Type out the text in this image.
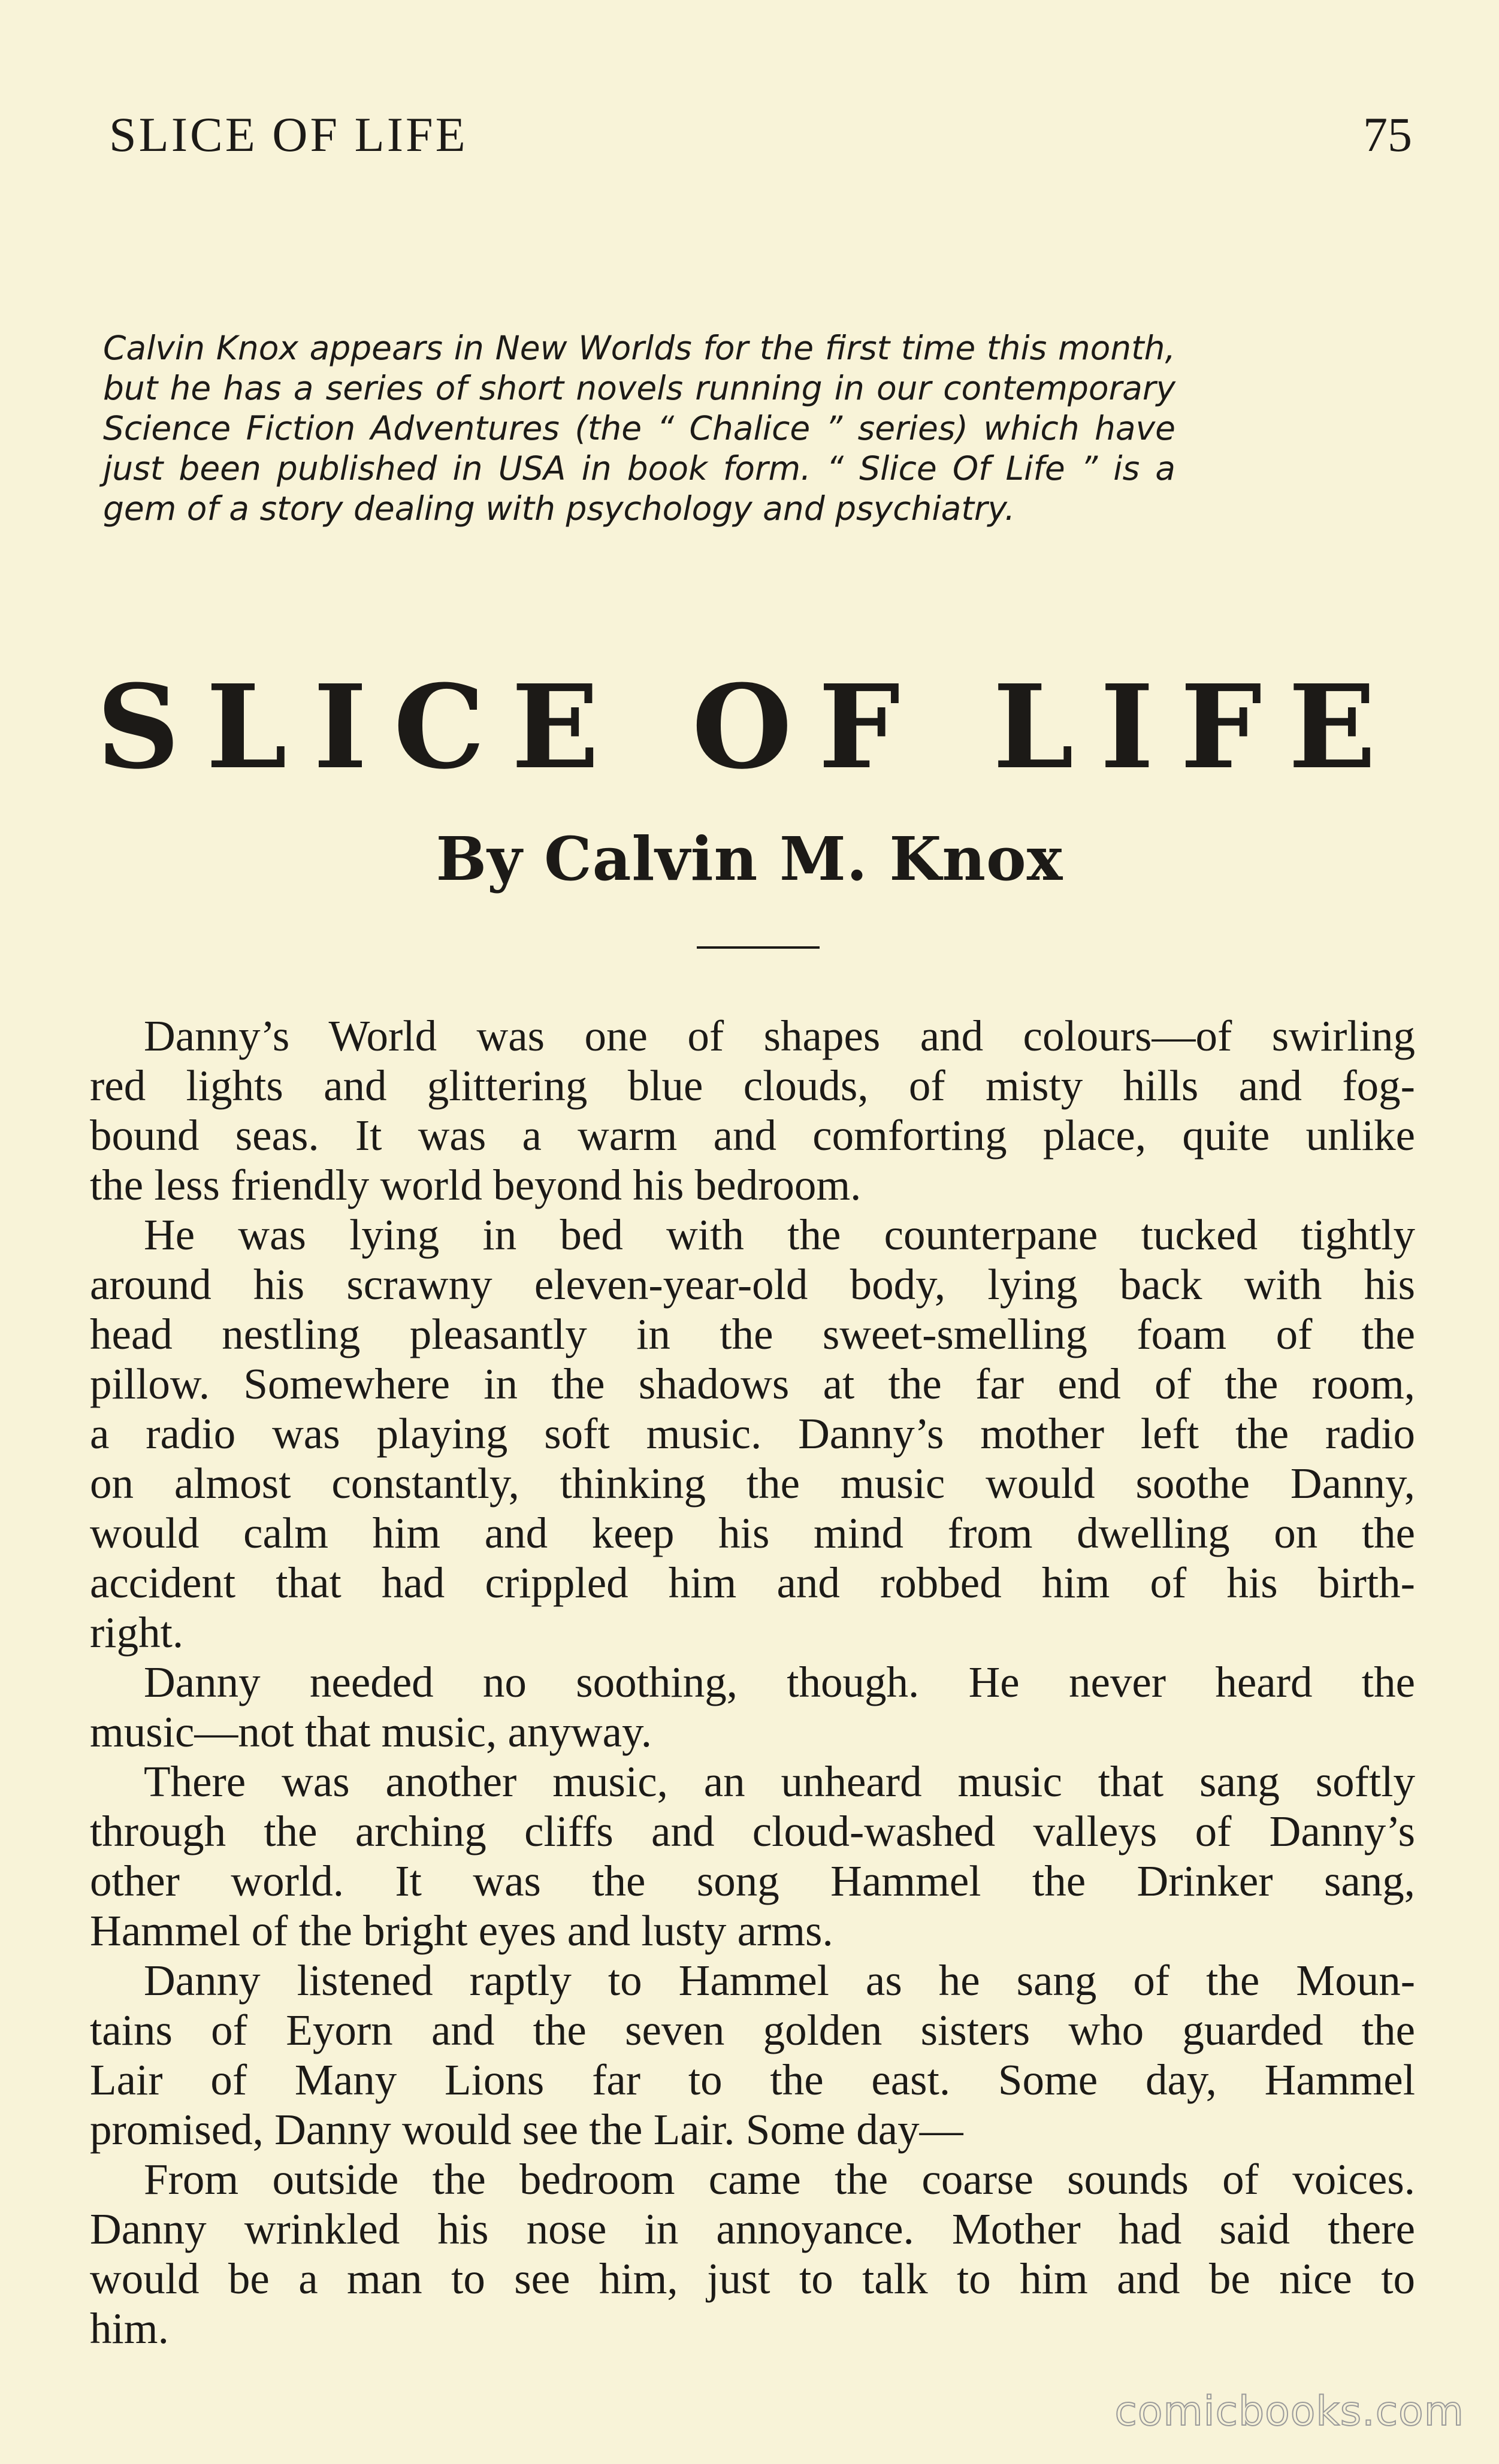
SLICE OF LIFE	75
Calvin Knox appears in New Worlds for the first time this month,
but he has a series of short novels running in our contemporary
Science Fiction Adventures (the “ Chalice ” series) which have
just been published in USA in book form. “ Slice Of Life ” is a
gem of a story dealing with psychology and psychiatry.
SLICE OF LIFE
By Calvin M. Knox
Danny’s World was one of shapes and colours—of swirling
red lights and glittering blue clouds, of misty hills and fog-
bound seas. It was a warm and comforting place, quite unlike
the less friendly world beyond his bedroom.
He was lying in bed with the counterpane tucked tightly
around his scrawny eleven-year-old body, lying back with his
head nestling pleasantly in the sweet-smelling foam of the
pillow. Somewhere in the shadows at the far end of the room,
a radio was playing soft music. Danny’s mother left the radio
on almost constantly, thinking the music would soothe Danny,
would calm him and keep his mind from dwelling on the
accident that had crippled him and robbed him of his birth-
right.
Danny needed no soothing, though. He never heard the
music—not that music, anyway.
There was another music, an unheard music that sang softly
through the arching cliffs and cloud-washed valleys of Danny’s
other world. It was the song Hammel the Drinker sang,
Hammel of the bright eyes and lusty arms.
Danny listened raptly to Hammel as he sang of the Moun-
tains of Eyorn and the seven golden sisters who guarded the
Lair of Many Lions far to the east. Some day, Hammel
promised, Danny would see the Lair. Some day—
From outside the bedroom came the coarse sounds of voices.
Danny wrinkled his nose in annoyance. Mother had said there
would be a man to see him, just to talk to him and be nice to
him.
comicbooks.com
